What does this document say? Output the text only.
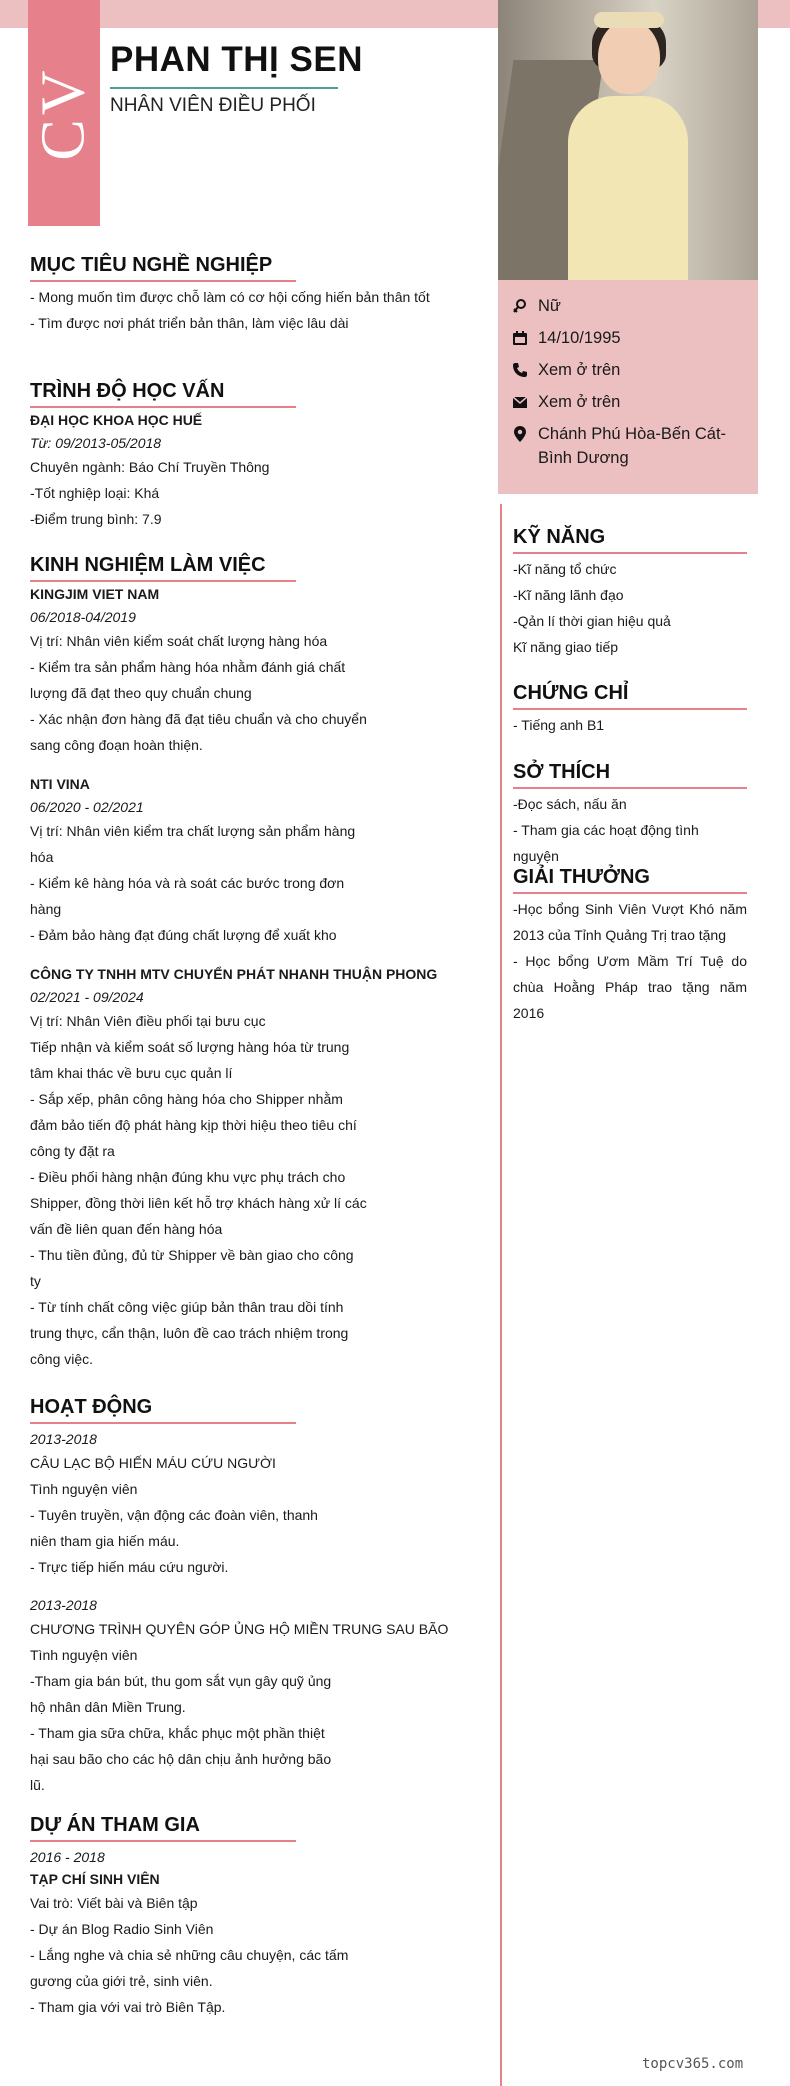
CV
PHAN THỊ SEN
NHÂN VIÊN ĐIỀU PHỐI
Nữ
14/10/1995
Xem ở trên
Xem ở trên
Chánh Phú Hòa-Bến Cát-Bình Dương
MỤC TIÊU NGHỀ NGHIỆP
- Mong muốn tìm được chỗ làm có cơ hội cống hiến bản thân tốt
- Tìm được nơi phát triển bản thân, làm việc lâu dài
TRÌNH ĐỘ HỌC VẤN
ĐẠI HỌC KHOA HỌC HUẾ
Từ: 09/2013-05/2018
Chuyên ngành: Báo Chí Truyền Thông
-Tốt nghiệp loại: Khá
-Điểm trung bình: 7.9
KINH NGHIỆM LÀM VIỆC
KINGJIM VIET NAM
06/2018-04/2019
Vị trí: Nhân viên kiểm soát chất lượng hàng hóa
- Kiểm tra sản phẩm hàng hóa nhằm đánh giá chất
lượng đã đạt theo quy chuẩn chung
- Xác nhận đơn hàng đã đạt tiêu chuẩn và cho chuyển
sang công đoạn hoàn thiện.
NTI VINA
06/2020 - 02/2021
Vị trí: Nhân viên kiểm tra chất lượng sản phẩm hàng
hóa
- Kiểm kê hàng hóa và rà soát các bước trong đơn
hàng
- Đảm bảo hàng đạt đúng chất lượng để xuất kho
CÔNG TY TNHH MTV CHUYỂN PHÁT NHANH THUẬN PHONG
02/2021 - 09/2024
Vị trí: Nhân Viên điều phối tại bưu cục
Tiếp nhận và kiểm soát số lượng hàng hóa từ trung
tâm khai thác về bưu cục quản lí
- Sắp xếp, phân công hàng hóa cho Shipper nhằm
đảm bảo tiến độ phát hàng kịp thời hiệu theo tiêu chí
công ty đặt ra
- Điều phối hàng nhận đúng khu vực phụ trách cho
Shipper, đồng thời liên kết hỗ trợ khách hàng xử lí các
vấn đề liên quan đến hàng hóa
- Thu tiền đủng, đủ từ Shipper về bàn giao cho công
ty
- Từ tính chất công việc giúp bản thân trau dồi tính
trung thực, cẩn thận, luôn đề cao trách nhiệm trong
công việc.
HOẠT ĐỘNG
2013-2018
CÂU LẠC BỘ HIẾN MÁU CỨU NGƯỜI
Tình nguyện viên
- Tuyên truyền, vận động các đoàn viên, thanh
niên tham gia hiến máu.
- Trực tiếp hiến máu cứu người.
2013-2018
CHƯƠNG TRÌNH QUYÊN GÓP ỦNG HỘ MIỀN TRUNG SAU BÃO
Tình nguyện viên
-Tham gia bán bút, thu gom sắt vụn gây quỹ ủng
hộ nhân dân Miền Trung.
- Tham gia sữa chữa, khắc phục một phần thiệt
hại sau bão cho các hộ dân chịu ảnh hưởng bão
lũ.
DỰ ÁN THAM GIA
2016 - 2018
TẠP CHÍ SINH VIÊN
Vai trò: Viết bài và Biên tập
- Dự án Blog Radio Sinh Viên
- Lắng nghe và chia sẻ những câu chuyện, các tấm
gương của giới trẻ, sinh viên.
- Tham gia với vai trò Biên Tập.
KỸ NĂNG
-Kĩ năng tổ chức
-Kĩ năng lãnh đạo
-Qản lí thời gian hiệu quả
Kĩ năng giao tiếp
CHỨNG CHỈ
- Tiếng anh B1
SỞ THÍCH
-Đọc sách, nấu ăn
- Tham gia các hoạt động tình nguyện
GIẢI THƯỞNG
-Học bổng Sinh Viên Vượt Khó năm 2013 của Tỉnh Quảng Trị trao tặng
- Học bổng Ươm Mầm Trí Tuệ do chùa Hoằng Pháp trao tặng năm 2016
topcv365.com
